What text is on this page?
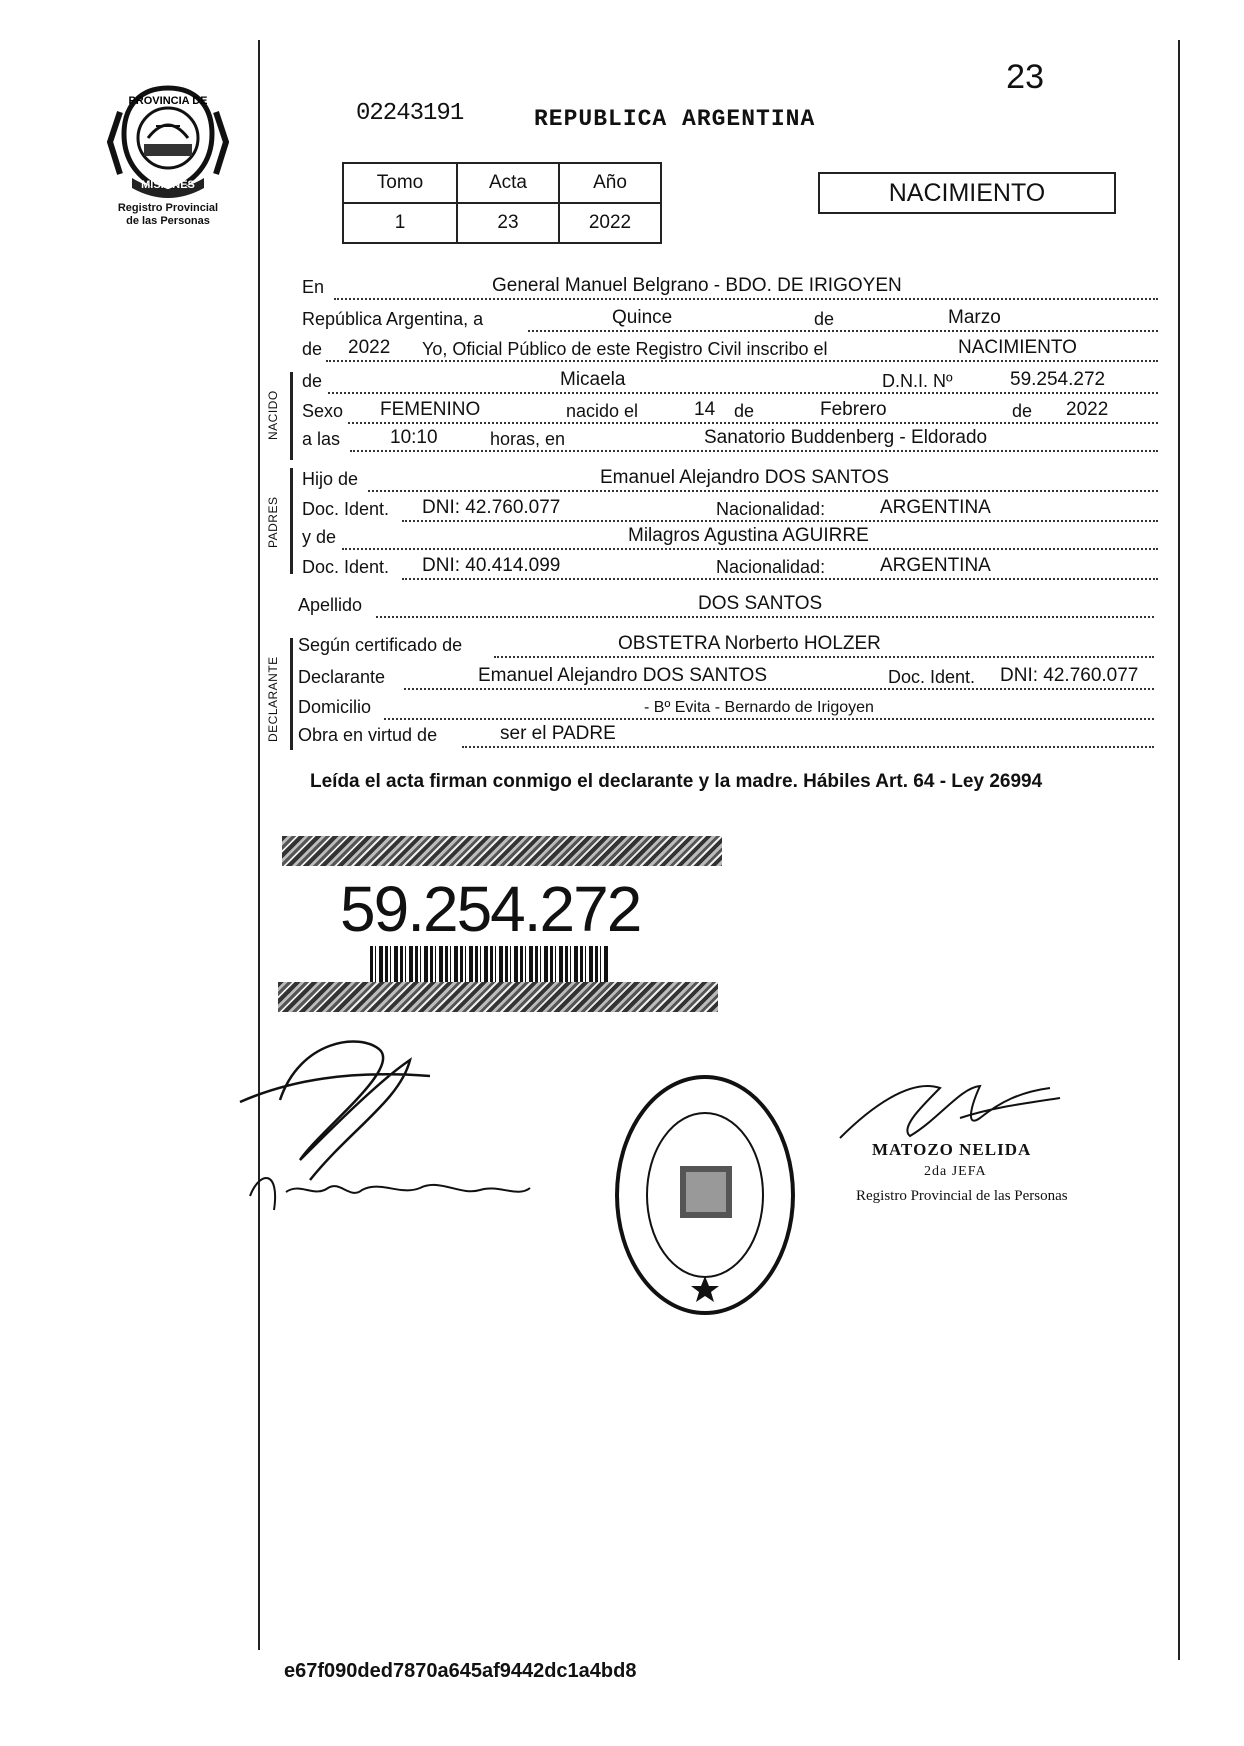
PROVINCIA DE
MISIONES
Registro Provincial
de las Personas
23
02243191	REPUBLICA ARGENTINA
Tomo	Acta	Año
1	23	2022
NACIMIENTO
En	General Manuel Belgrano - BDO. DE IRIGOYEN
República Argentina, a	Quince	de	Marzo
de 2022 Yo, Oficial Público de este Registro Civil inscribo el	NACIMIENTO
NACIDO
de	Micaela	D.N.I. Nº	59.254.272
Sexo FEMENINO	nacido el	14 de	Febrero	de 2022
a las	10:10	horas, en	Sanatorio Buddenberg - Eldorado
PADRES
Hijo de	Emanuel Alejandro DOS SANTOS
Doc. Ident. DNI: 42.760.077	Nacionalidad:	ARGENTINA
y de	Milagros Agustina AGUIRRE
Doc. Ident. DNI: 40.414.099	Nacionalidad:	ARGENTINA
Apellido	DOS SANTOS
DECLARANTE
Según certificado de	OBSTETRA Norberto HOLZER
Declarante	Emanuel Alejandro DOS SANTOS	Doc. Ident. DNI: 42.760.077
Domicilio	- Bº Evita - Bernardo de Irigoyen
Obra en virtud de	ser el PADRE
Leída el acta firman conmigo el declarante y la madre. Hábiles Art. 64 - Ley 26994
59.254.272
MATOZO NELIDA
2da JEFA
Registro Provincial de las Personas
e67f090ded7870a645af9442dc1a4bd8
